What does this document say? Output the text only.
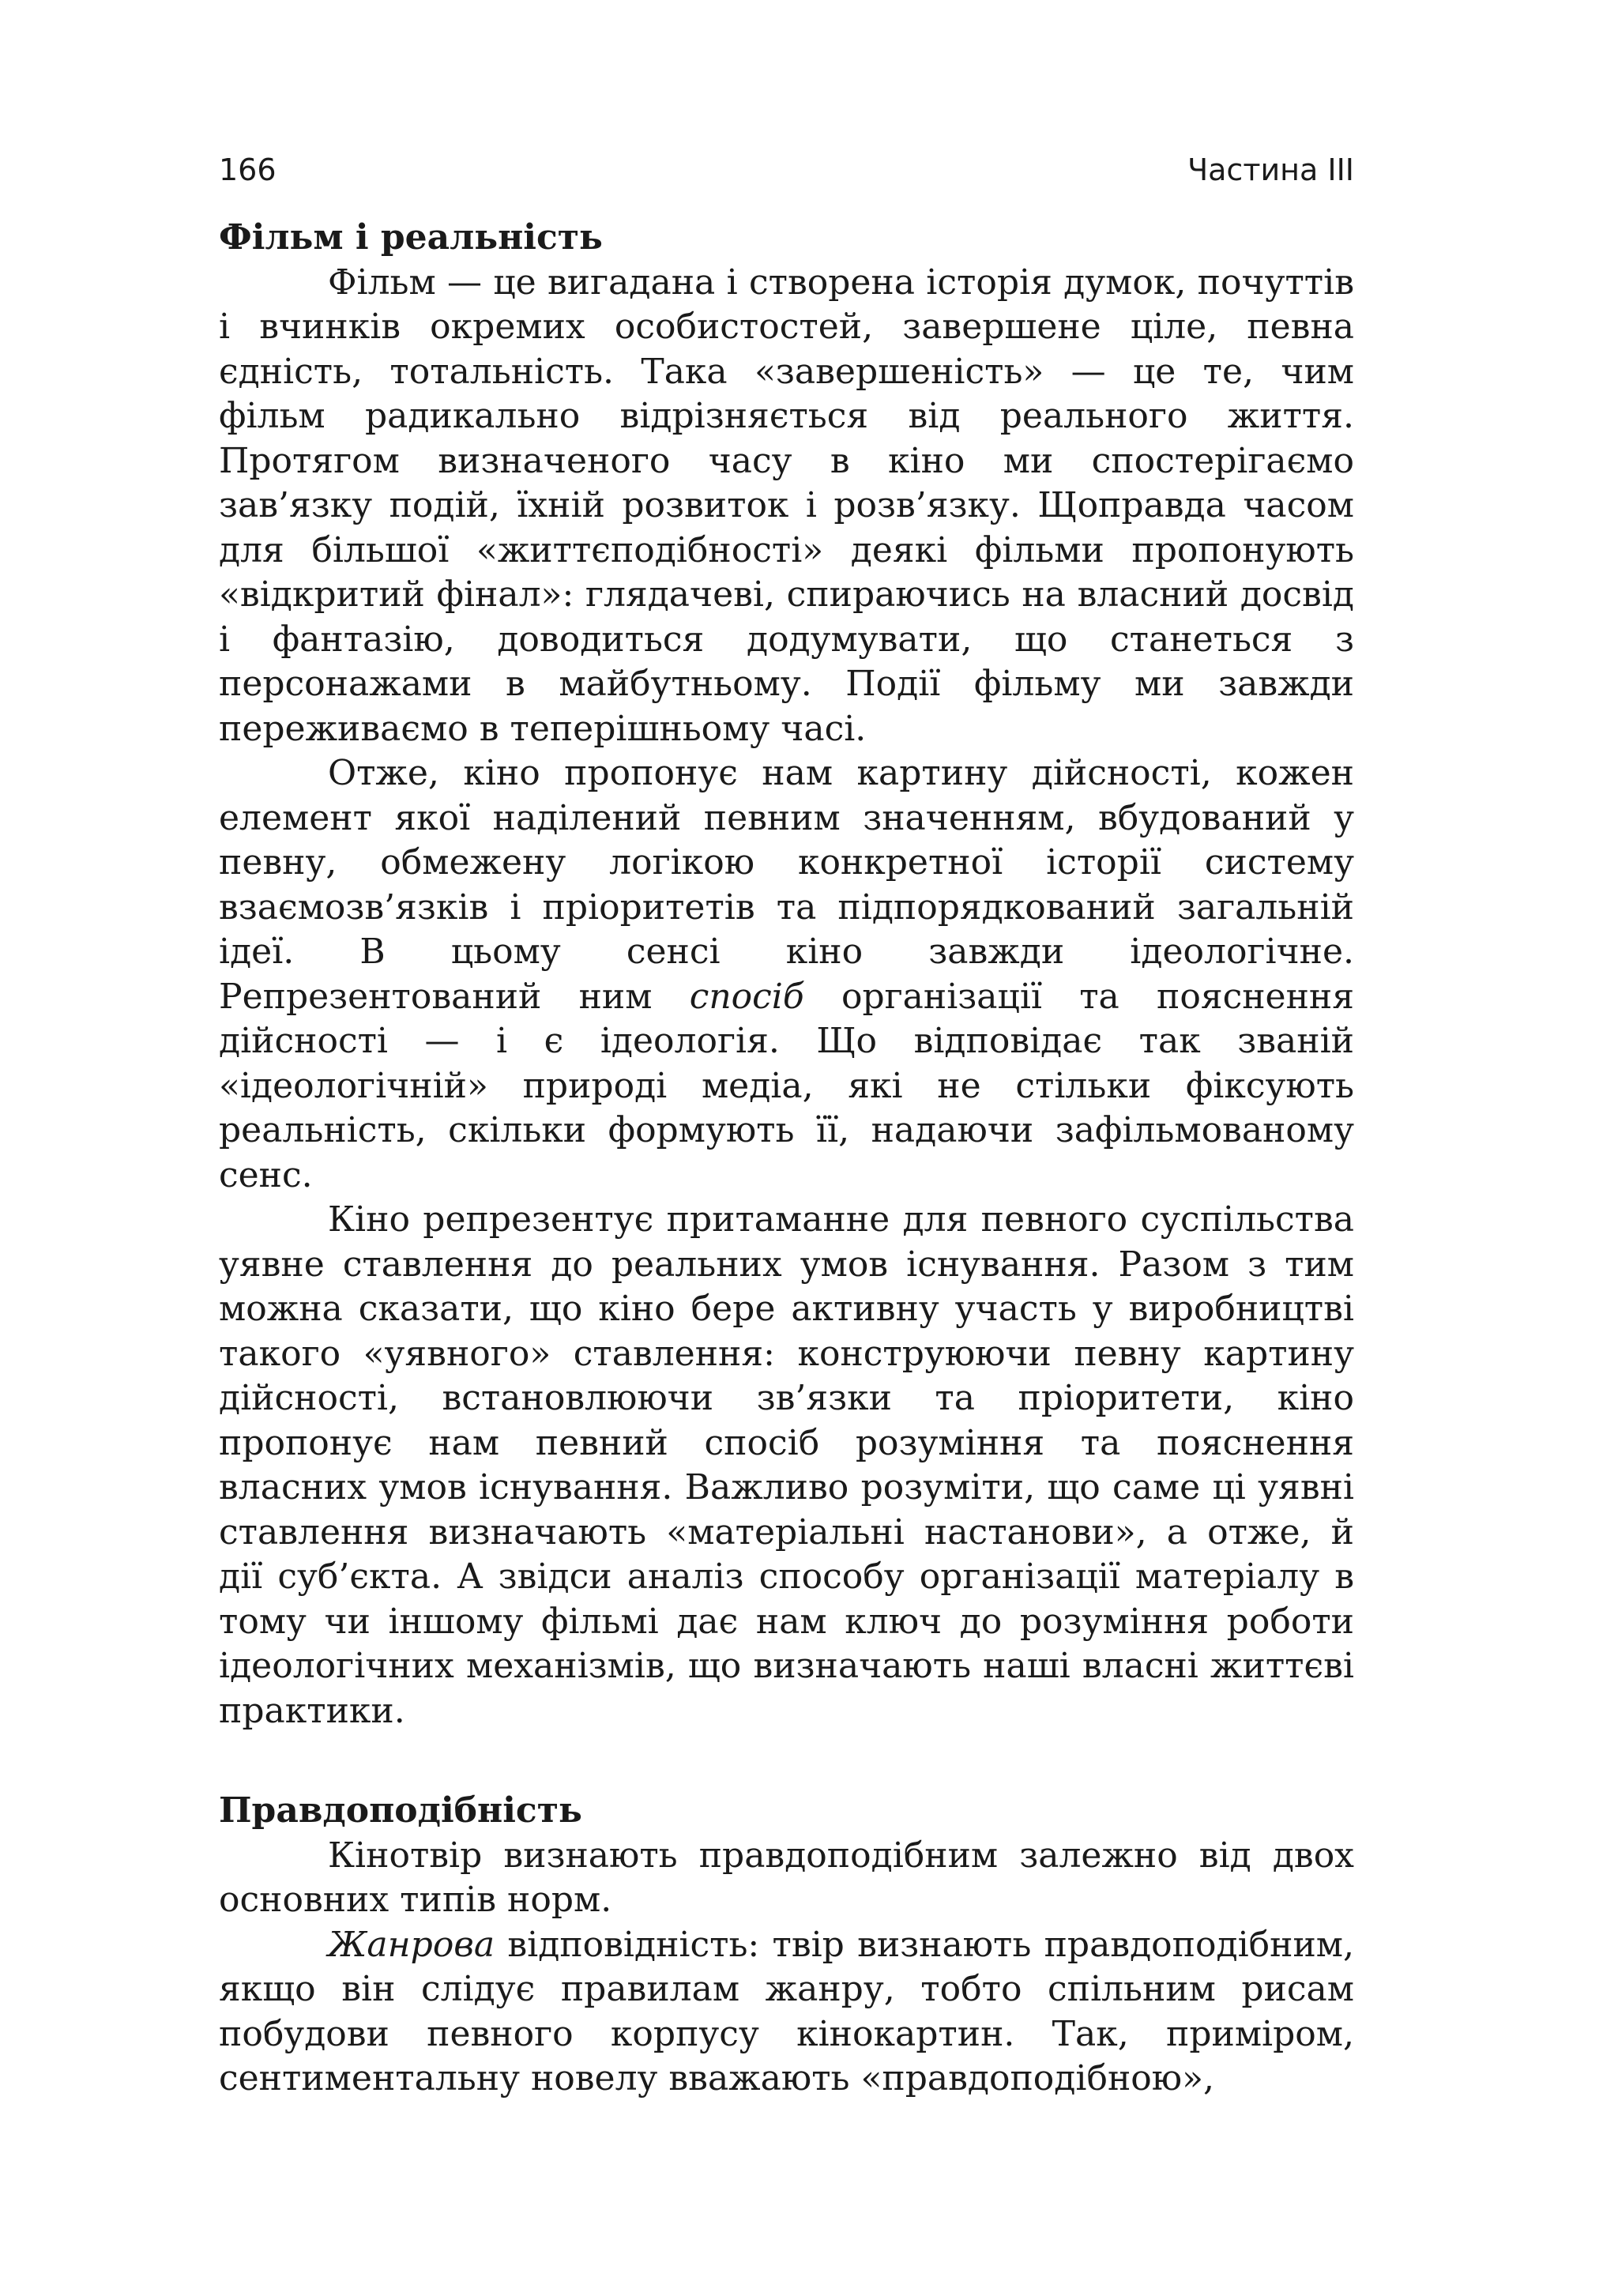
166	Частина III
Фільм і реальність

Фільм — це вигадана і створена історія думок, почуттів і вчинків окремих особистостей, завершене ціле, певна єдність, тотальність. Така «завершеність» — це те, чим фільм радикально відрізняється від реального життя. Протягом визначеного часу в кіно ми спостерігаємо зав’язку подій, їхній розвиток і розв’язку. Щоправда часом для більшої «життєподібності» деякі фільми пропонують «відкритий фінал»: глядачеві, спираючись на власний досвід і фантазію, доводиться додумувати, що станеться з персонажами в майбутньому. Події фільму ми завжди переживаємо в теперішньому часі.

Отже, кіно пропонує нам картину дійсності, кожен елемент якої наділений певним значенням, вбудований у певну, обмежену логікою конкретної історії систему взаємозв’язків і пріоритетів та підпорядкований загальній ідеї. В цьому сенсі кіно завжди ідеологічне. Репрезентований ним спосіб організації та пояснення дійсності — і є ідеологія. Що відповідає так званій «ідеологічній» природі медіа, які не стільки фіксують реальність, скільки формують її, надаючи зафільмованому сенс.

Кіно репрезентує притаманне для певного суспільства уявне ставлення до реальних умов існування. Разом з тим можна сказати, що кіно бере активну участь у виробництві такого «уявного» ставлення: конструюючи певну картину дійсності, встановлюючи зв’язки та пріоритети, кіно пропонує нам певний спосіб розуміння та пояснення власних умов існування. Важливо розуміти, що саме ці уявні ставлення визначають «матеріальні настанови», а отже, й дії суб’єкта. А звідси аналіз способу організації матеріалу в тому чи іншому фільмі дає нам ключ до розуміння роботи ідеологічних механізмів, що визначають наші власні життєві практики.

Правдоподібність

Кінотвір визнають правдоподібним залежно від двох основних типів норм.

Жанрова відповідність: твір визнають правдоподібним, якщо він слідує правилам жанру, тобто спільним рисам побудови певного корпусу кінокартин. Так, приміром, сентиментальну новелу вважають «правдоподібною»,
